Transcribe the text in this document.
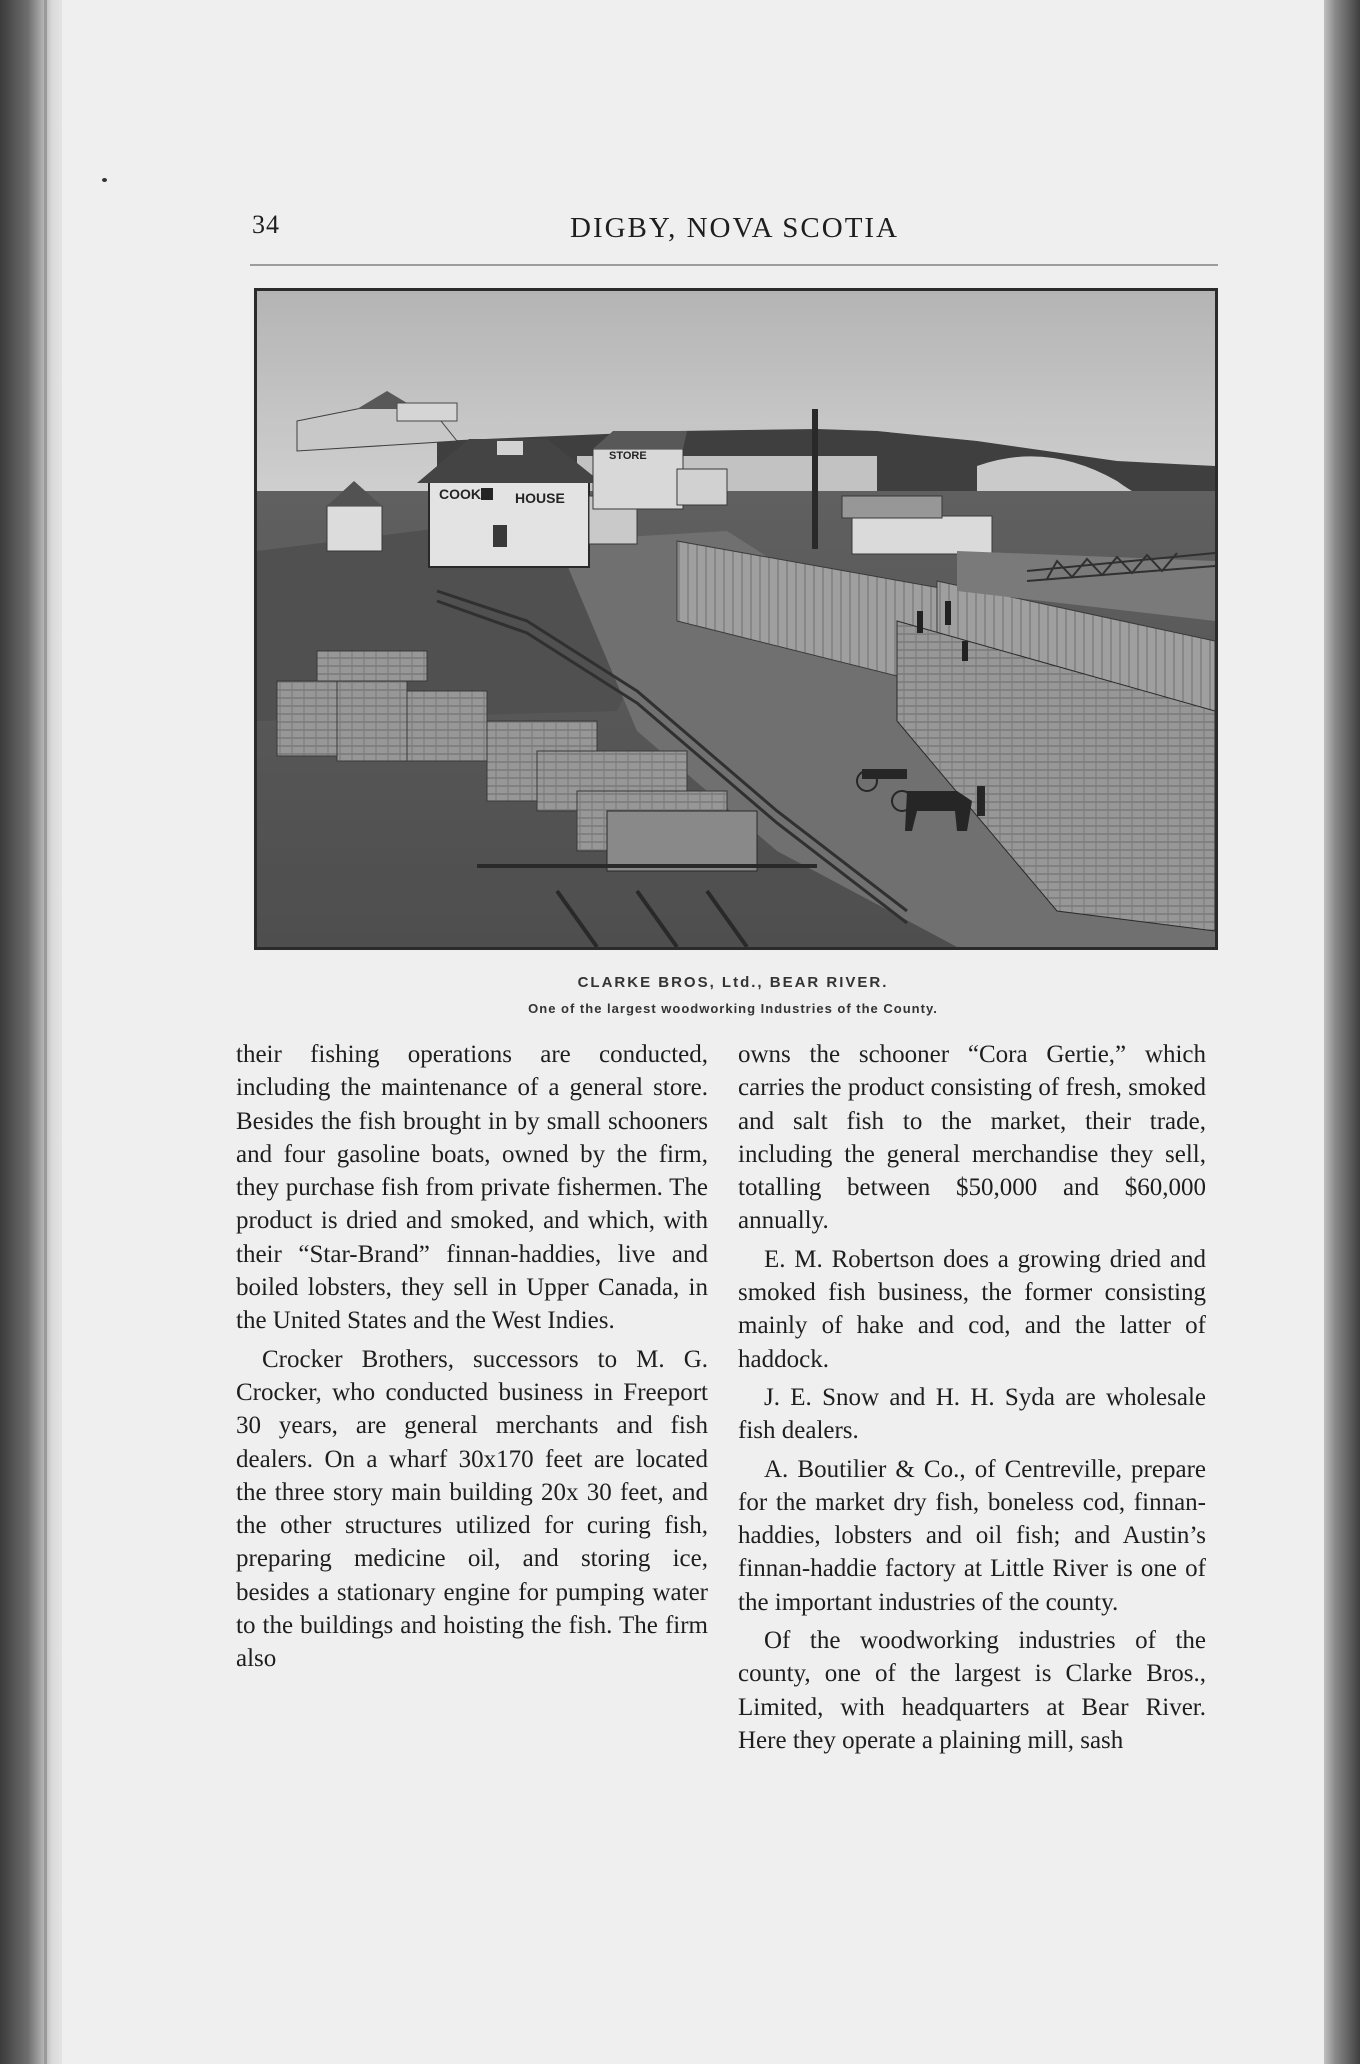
34	DIGBY, NOVA SCOTIA
COOK HOUSE
STORE

CLARKE BROS, Ltd., BEAR RIVER.

One of the largest woodworking Industries of the County.

their fishing operations are conducted, including the maintenance of a general store. Besides the fish brought in by small schooners and four gasoline boats, owned by the firm, they purchase fish from private fishermen. The product is dried and smoked, and which, with their “Star-Brand” finnan-haddies, live and boiled lobsters, they sell in Upper Canada, in the United States and the West Indies.

Crocker Brothers, successors to M. G. Crocker, who conducted business in Freeport 30 years, are general merchants and fish dealers. On a wharf 30x170 feet are located the three story main building 20x 30 feet, and the other structures utilized for curing fish, preparing medicine oil, and storing ice, besides a stationary engine for pumping water to the buildings and hoisting the fish. The firm also

owns the schooner “Cora Gertie,” which carries the product consisting of fresh, smoked and salt fish to the market, their trade, including the general merchandise they sell, totalling between $50,000 and $60,000 annually.

E. M. Robertson does a growing dried and smoked fish business, the former consisting mainly of hake and cod, and the latter of haddock.

J. E. Snow and H. H. Syda are wholesale fish dealers.

A. Boutilier & Co., of Centreville, prepare for the market dry fish, boneless cod, finnan-haddies, lobsters and oil fish; and Austin’s finnan-haddie factory at Little River is one of the important industries of the county.

Of the woodworking industries of the county, one of the largest is Clarke Bros., Limited, with headquarters at Bear River. Here they operate a plaining mill, sash
